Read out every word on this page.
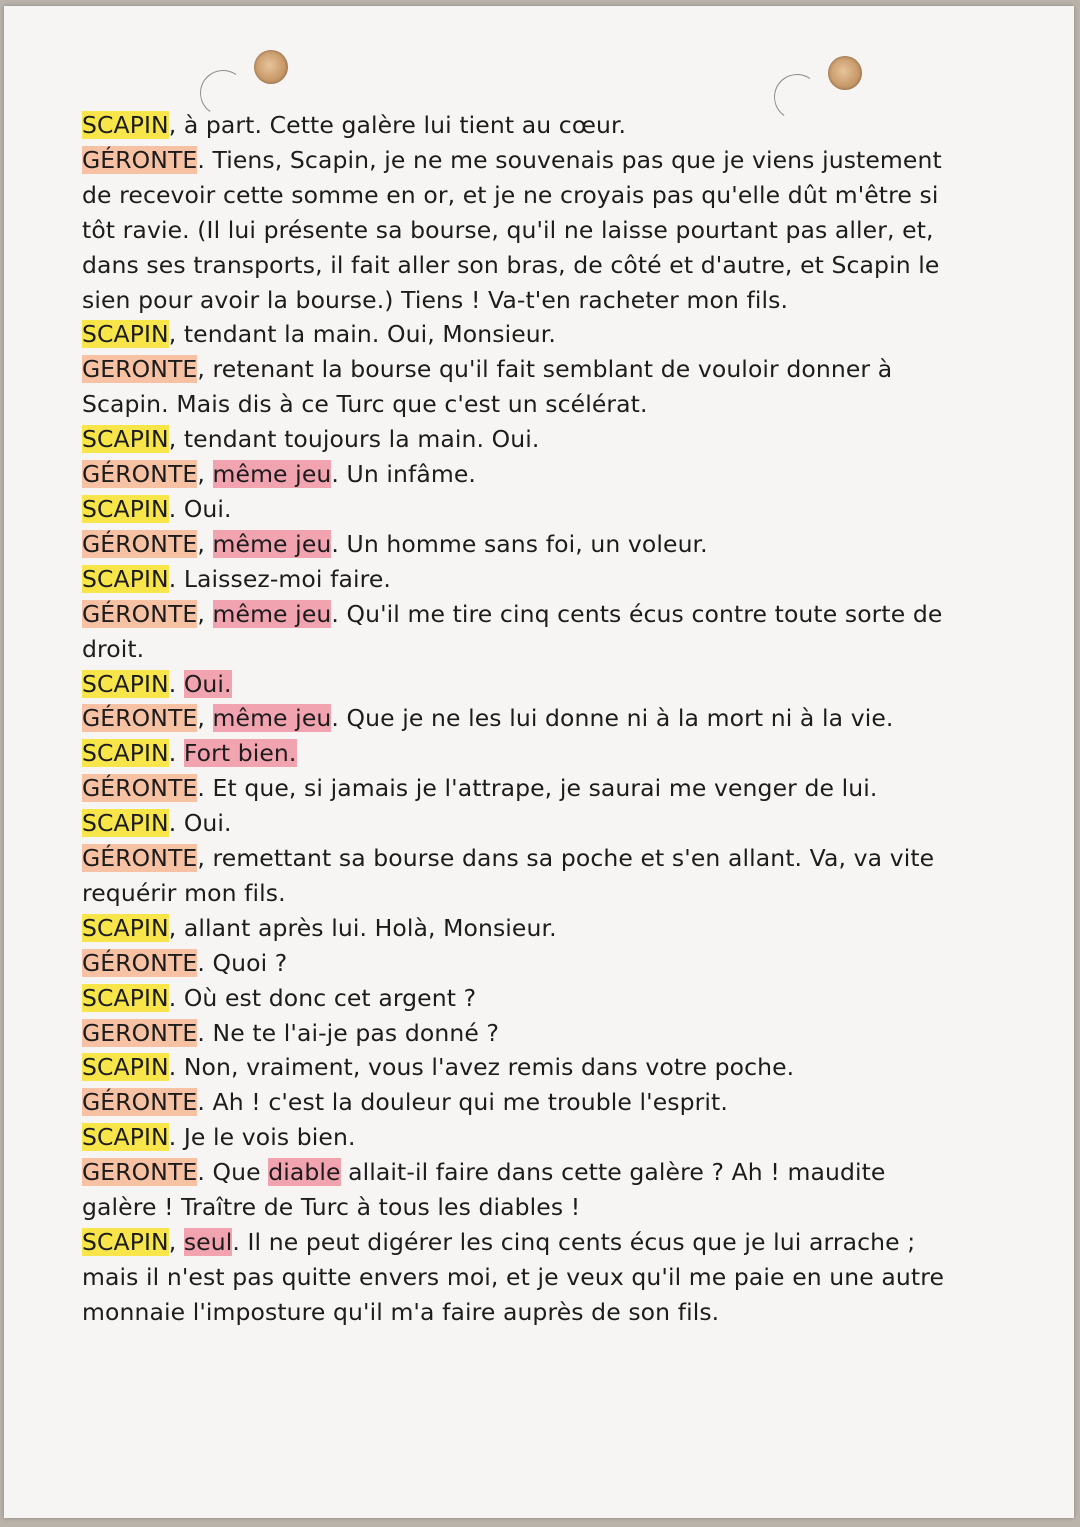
SCAPIN, à part. Cette galère lui tient au cœur.
GÉRONTE. Tiens, Scapin, je ne me souvenais pas que je viens justement
de recevoir cette somme en or, et je ne croyais pas qu'elle dût m'être si
tôt ravie. (Il lui présente sa bourse, qu'il ne laisse pourtant pas aller, et,
dans ses transports, il fait aller son bras, de côté et d'autre, et Scapin le
sien pour avoir la bourse.) Tiens ! Va-t'en racheter mon fils.
SCAPIN, tendant la main. Oui, Monsieur.
GERONTE, retenant la bourse qu'il fait semblant de vouloir donner à
Scapin. Mais dis à ce Turc que c'est un scélérat.
SCAPIN, tendant toujours la main. Oui.
GÉRONTE, même jeu. Un infâme.
SCAPIN. Oui.
GÉRONTE, même jeu. Un homme sans foi, un voleur.
SCAPIN. Laissez-moi faire.
GÉRONTE, même jeu. Qu'il me tire cinq cents écus contre toute sorte de
droit.
SCAPIN. Oui.
GÉRONTE, même jeu. Que je ne les lui donne ni à la mort ni à la vie.
SCAPIN. Fort bien.
GÉRONTE. Et que, si jamais je l'attrape, je saurai me venger de lui.
SCAPIN. Oui.
GÉRONTE, remettant sa bourse dans sa poche et s'en allant. Va, va vite
requérir mon fils.
SCAPIN, allant après lui. Holà, Monsieur.
GÉRONTE. Quoi ?
SCAPIN. Où est donc cet argent ?
GERONTE. Ne te l'ai-je pas donné ?
SCAPIN. Non, vraiment, vous l'avez remis dans votre poche.
GÉRONTE. Ah ! c'est la douleur qui me trouble l'esprit.
SCAPIN. Je le vois bien.
GERONTE. Que diable allait-il faire dans cette galère ? Ah ! maudite
galère ! Traître de Turc à tous les diables !
SCAPIN, seul. Il ne peut digérer les cinq cents écus que je lui arrache ;
mais il n'est pas quitte envers moi, et je veux qu'il me paie en une autre
monnaie l'imposture qu'il m'a faire auprès de son fils.
